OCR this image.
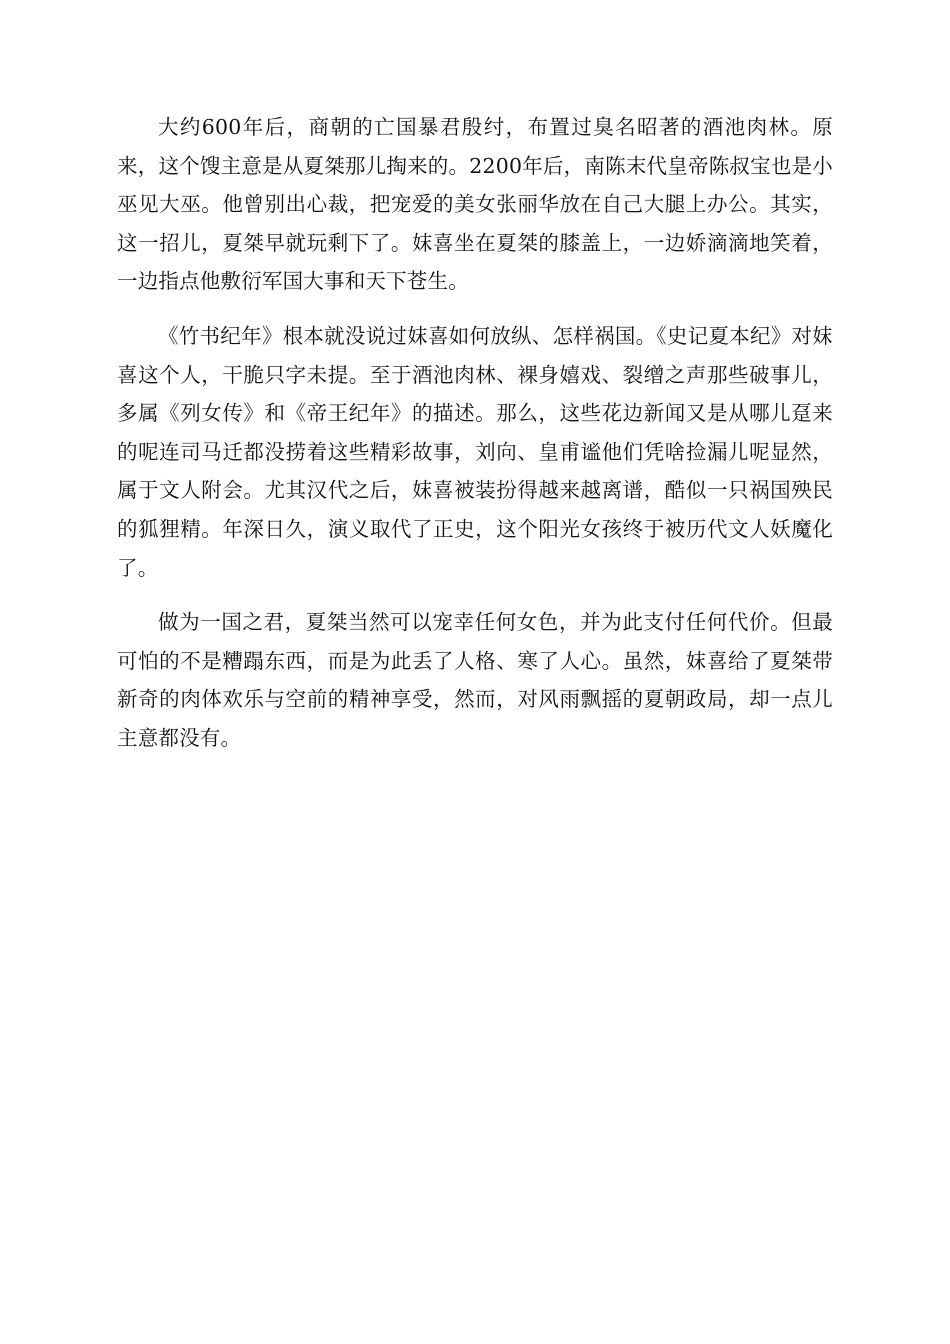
大约600年后，商朝的亡国暴君殷纣，布置过臭名昭著的酒池肉林。原来，这个馊主意是从夏桀那儿掏来的。2200年后，南陈末代皇帝陈叔宝也是小巫见大巫。他曾别出心裁，把宠爱的美女张丽华放在自己大腿上办公。其实，这一招儿，夏桀早就玩剩下了。妺喜坐在夏桀的膝盖上，一边娇滴滴地笑着，一边指点他敷衍军国大事和天下苍生。

《竹书纪年》根本就没说过妺喜如何放纵、怎样祸国。《史记夏本纪》对妺喜这个人，干脆只字未提。至于酒池肉林、裸身嬉戏、裂缯之声那些破事儿，多属《列女传》和《帝王纪年》的描述。那么，这些花边新闻又是从哪儿趸来的呢连司马迁都没捞着这些精彩故事，刘向、皇甫谧他们凭啥捡漏儿呢显然，属于文人附会。尤其汉代之后，妺喜被装扮得越来越离谱，酷似一只祸国殃民的狐狸精。年深日久，演义取代了正史，这个阳光女孩终于被历代文人妖魔化了。

做为一国之君，夏桀当然可以宠幸任何女色，并为此支付任何代价。但最可怕的不是糟蹋东西，而是为此丢了人格、寒了人心。虽然，妺喜给了夏桀带新奇的肉体欢乐与空前的精神享受，然而，对风雨飘摇的夏朝政局，却一点儿主意都没有。
